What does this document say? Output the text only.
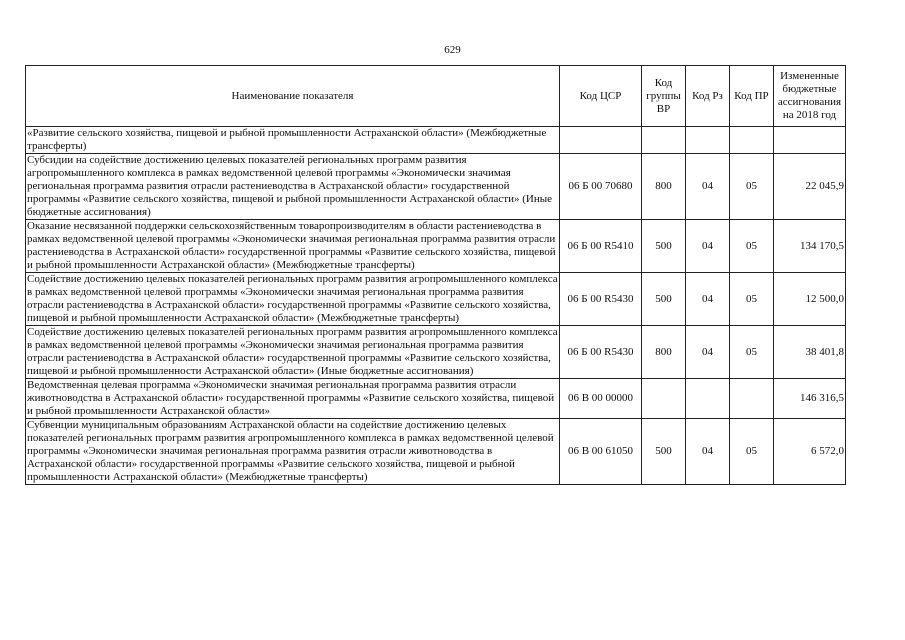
629
Наименование показателя	Код ЦСР	Код группы ВР	Код Рз	Код ПР	Измененные бюджетные ассигнования на 2018 год
«Развитие сельского хозяйства, пищевой и рыбной промышленности Астраханской области» (Межбюджетные трансферты)					
Субсидии на содействие достижению целевых показателей региональных программ развития агропромышленного комплекса в рамках ведомственной целевой программы «Экономически значимая региональная программа развития отрасли растениеводства в Астраханской области» государственной программы «Развитие сельского хозяйства, пищевой и рыбной промышленности Астраханской области» (Иные бюджетные ассигнования)	06 Б 00 70680	800	04	05	22 045,9
Оказание несвязанной поддержки сельскохозяйственным товаропроизводителям в области растениеводства в рамках ведомственной целевой программы «Экономически значимая региональная программа развития отрасли растениеводства в Астраханской области» государственной программы «Развитие сельского хозяйства, пищевой и рыбной промышленности Астраханской области» (Межбюджетные трансферты)	06 Б 00 R5410	500	04	05	134 170,5
Содействие достижению целевых показателей региональных программ развития агропромышленного комплекса в рамках ведомственной целевой программы «Экономически значимая региональная программа развития отрасли растениеводства в Астраханской области» государственной программы «Развитие сельского хозяйства, пищевой и рыбной промышленности Астраханской области» (Межбюджетные трансферты)	06 Б 00 R5430	500	04	05	12 500,0
Содействие достижению целевых показателей региональных программ развития агропромышленного комплекса в рамках ведомственной целевой программы «Экономически значимая региональная программа развития отрасли растениеводства в Астраханской области» государственной программы «Развитие сельского хозяйства, пищевой и рыбной промышленности Астраханской области» (Иные бюджетные ассигнования)	06 Б 00 R5430	800	04	05	38 401,8
Ведомственная целевая программа «Экономически значимая региональная программа развития отрасли животноводства в Астраханской области» государственной программы «Развитие сельского хозяйства, пищевой и рыбной промышленности Астраханской области»	06 В 00 00000				146 316,5
Субвенции муниципальным образованиям Астраханской области на содействие достижению целевых показателей региональных программ развития агропромышленного комплекса в рамках ведомственной целевой программы «Экономически значимая региональная программа развития отрасли животноводства в Астраханской области» государственной программы «Развитие сельского хозяйства, пищевой и рыбной промышленности Астраханской области» (Межбюджетные трансферты)	06 В 00 61050	500	04	05	6 572,0
